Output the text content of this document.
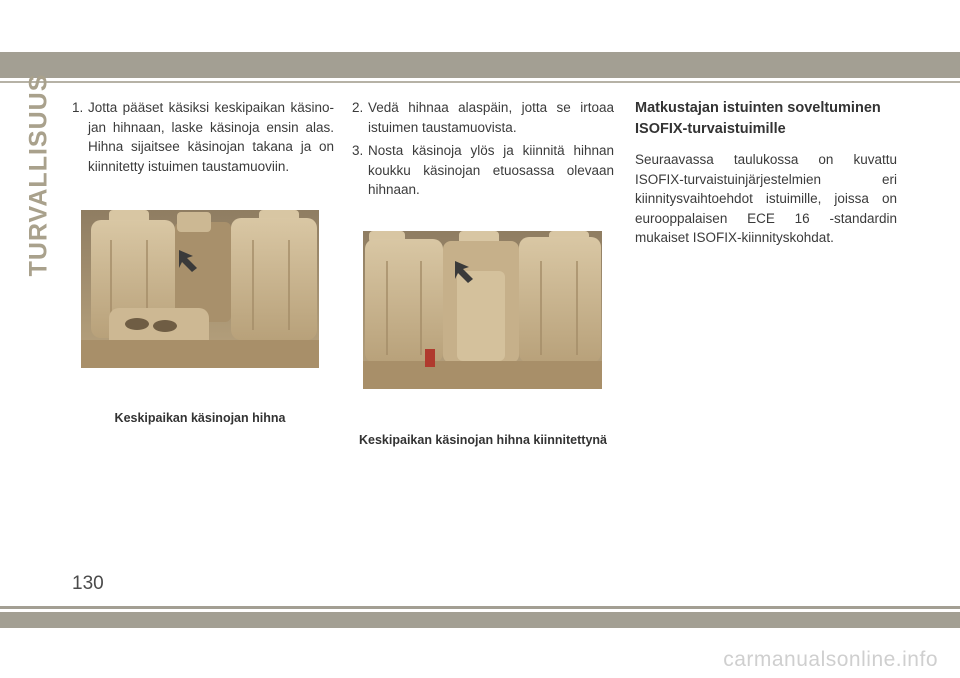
TURVALLISUUS 1. Jotta pääset käsiksi keskipaikan käsinojan hihnaan, laske käsinoja ensin alas. Hihna sijaitsee käsinojan takana ja on kiinnitetty istuimen taustamuoviin.
2. Vedä hihnaa alaspäin, jotta se irtoaa istuimen taustamuovista.
3. Nosta käsinoja ylös ja kiinnitä hihnan koukku käsinojan etuosassa olevaan hihnaan.
Matkustajan istuinten soveltuminen ISOFIX-turvaistuimille

Seuraavassa taulukossa on kuvattu ISOFIX-turvaistuinjärjestelmien eri kiinnitysvaihtoehdot istuimille, joissa on eurooppalaisen ECE 16 -standardin mukaiset ISOFIX-kiinnityskohdat.

Keskipaikan käsinojan hihna
Keskipaikan käsinojan hihna kiinnitettynä
130
carmanualsonline.info
